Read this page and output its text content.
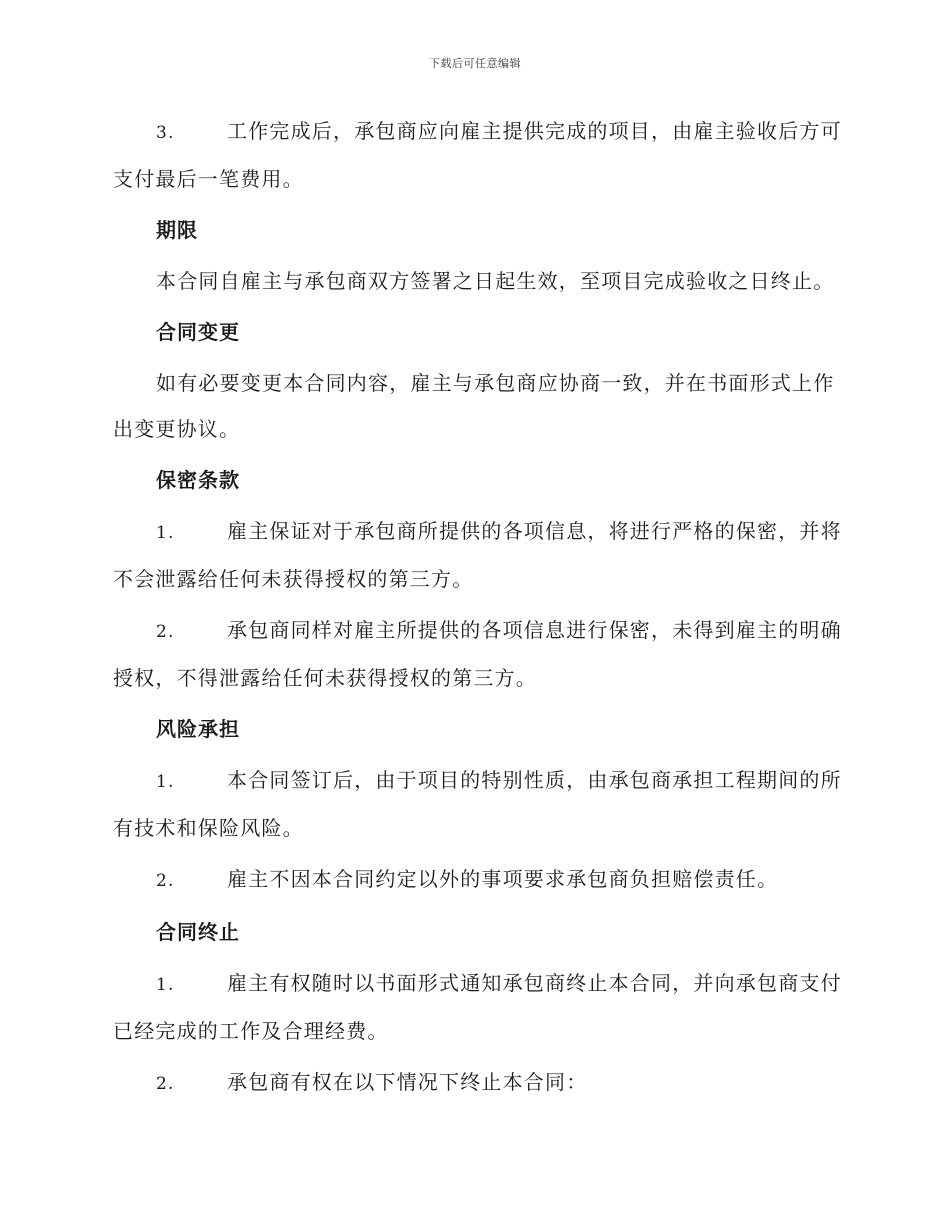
下载后可任意编辑

3.	工作完成后，承包商应向雇主提供完成的项目，由雇主验收后方可支付最后一笔费用。

期限

本合同自雇主与承包商双方签署之日起生效，至项目完成验收之日终止。

合同变更

如有必要变更本合同内容，雇主与承包商应协商一致，并在书面形式上作出变更协议。

保密条款

1.	雇主保证对于承包商所提供的各项信息，将进行严格的保密，并将不会泄露给任何未获得授权的第三方。

2.	承包商同样对雇主所提供的各项信息进行保密，未得到雇主的明确授权，不得泄露给任何未获得授权的第三方。

风险承担

1.	本合同签订后，由于项目的特别性质，由承包商承担工程期间的所有技术和保险风险。

2.	雇主不因本合同约定以外的事项要求承包商负担赔偿责任。

合同终止

1.	雇主有权随时以书面形式通知承包商终止本合同，并向承包商支付已经完成的工作及合理经费。

2.	承包商有权在以下情况下终止本合同：
